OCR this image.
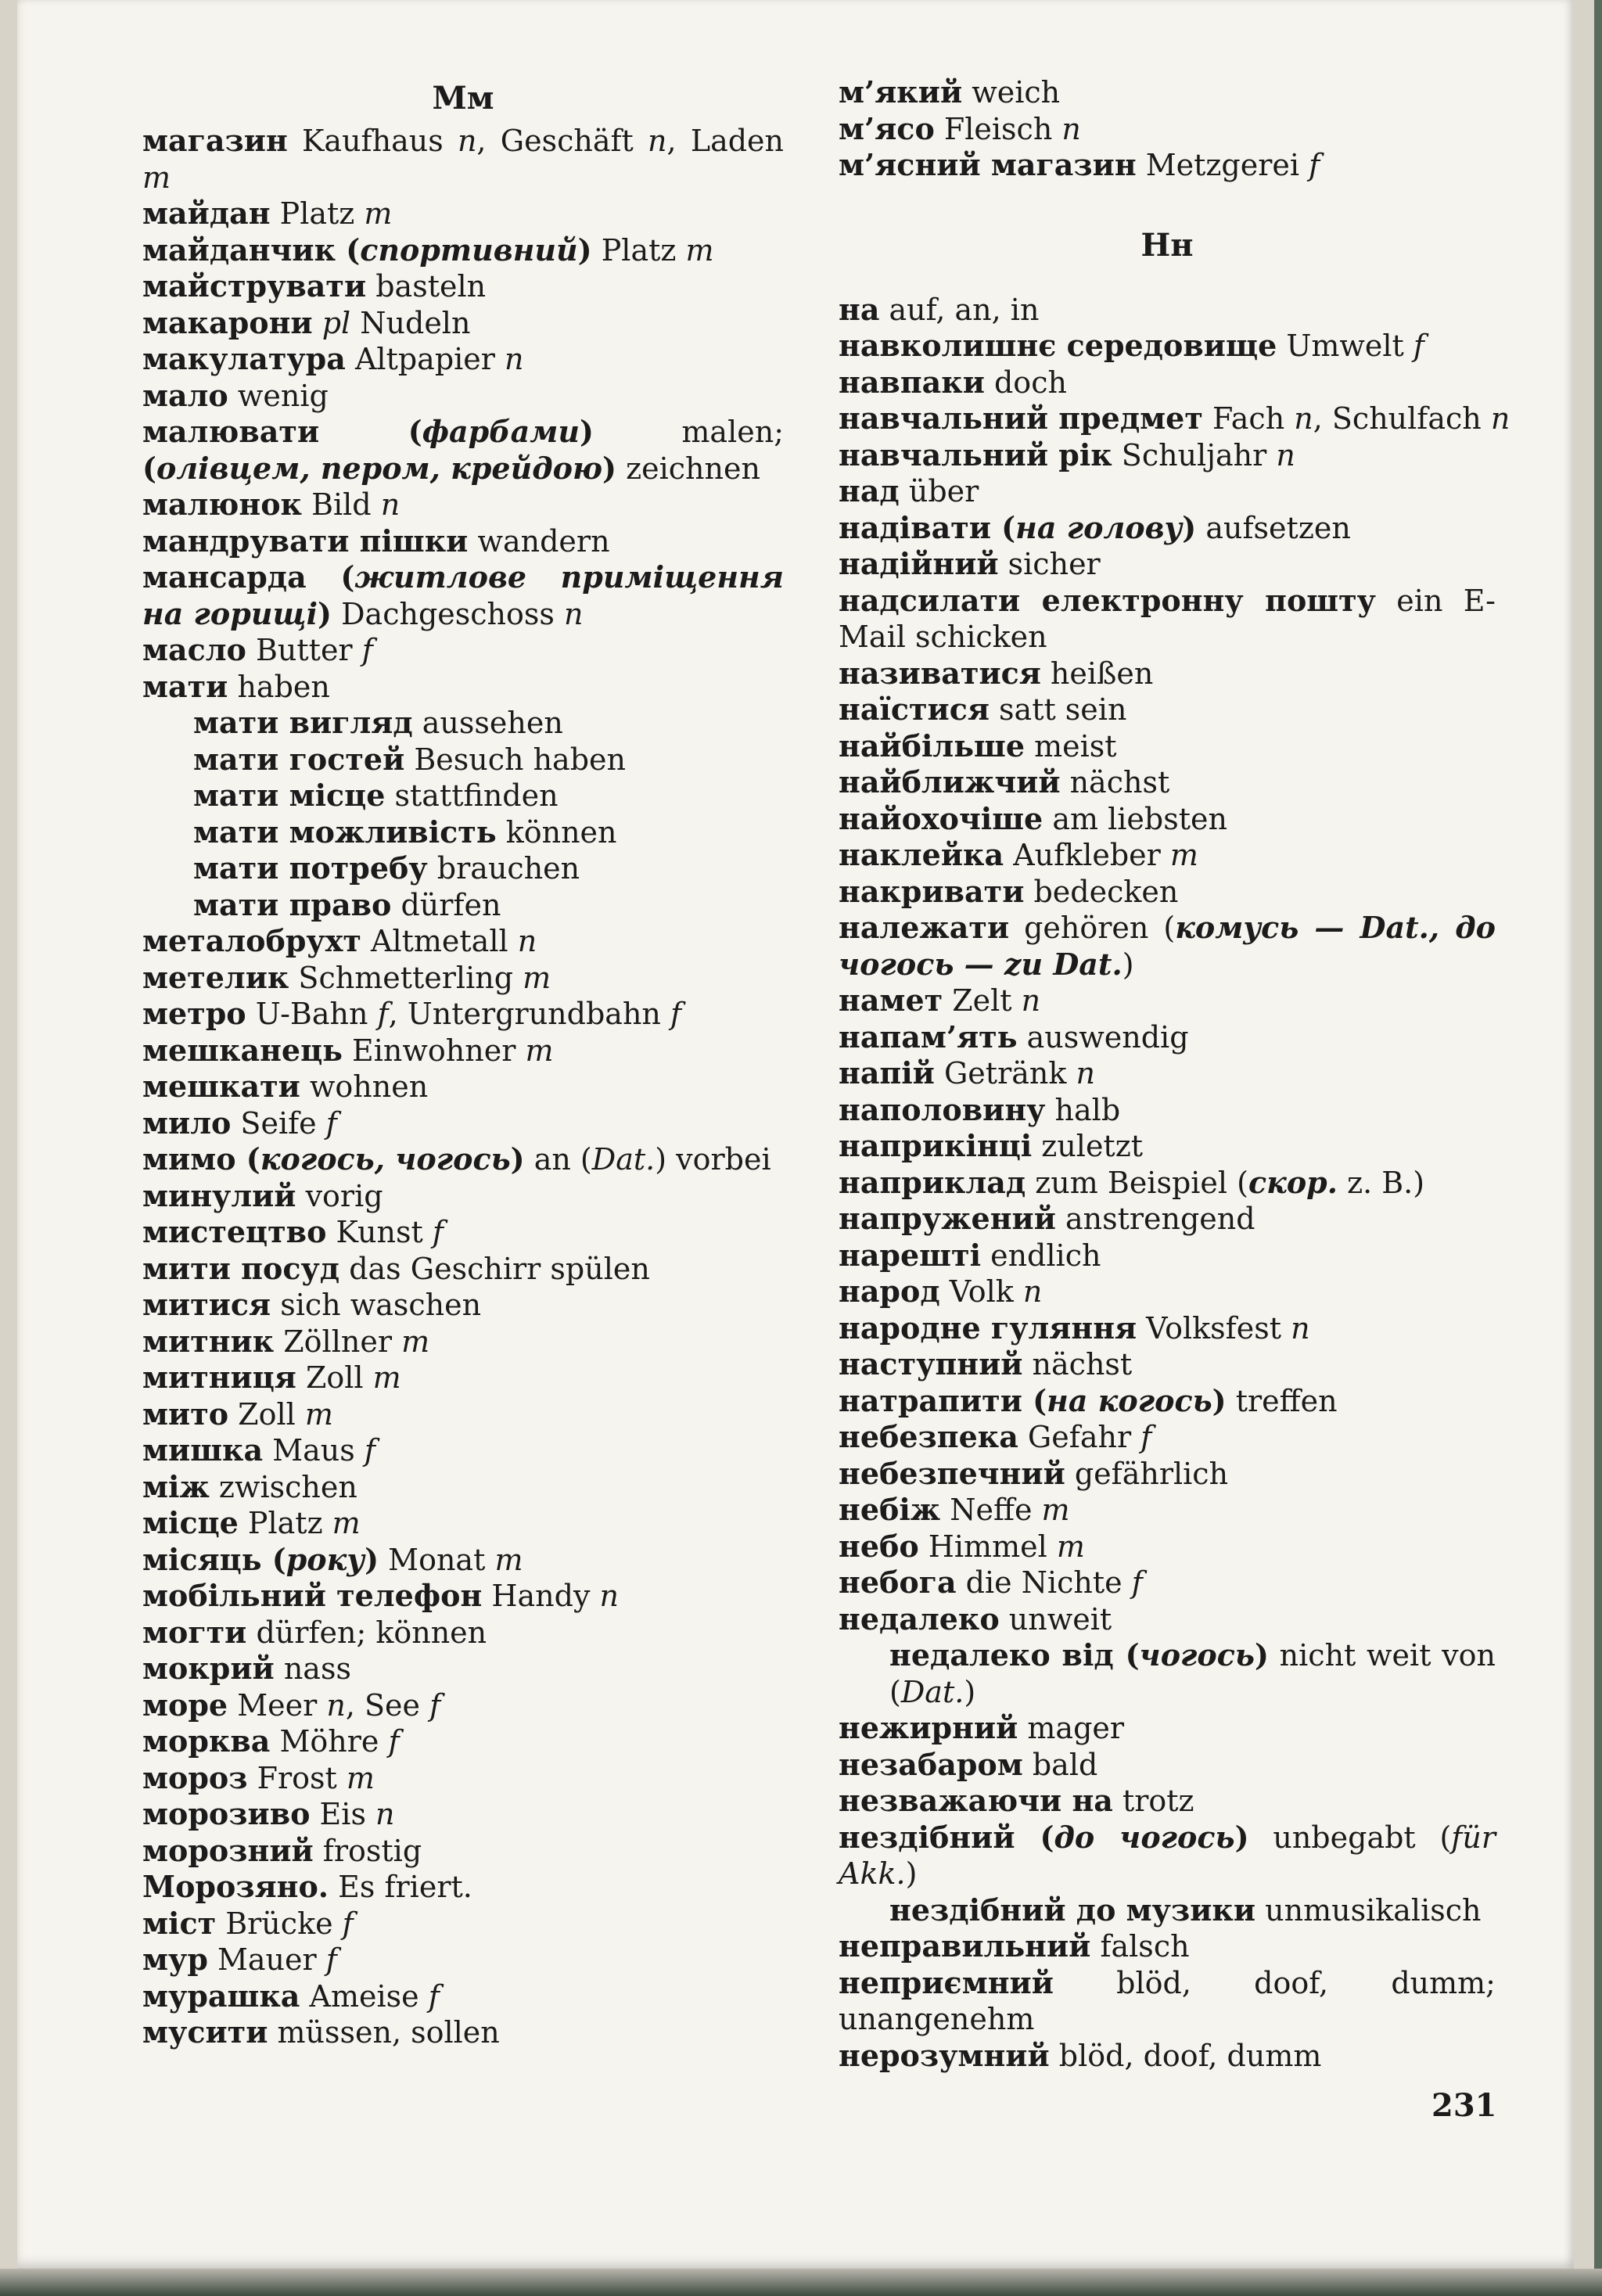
Мм
магазин Kaufhaus n, Geschäft n, Laden m
майдан Platz m
майданчик (спортивний) Platz m
майструвати basteln
макарони pl Nudeln
макулатура Altpapier n
мало wenig
малювати (фарбами) malen; (олівцем, пером, крейдою) zeichnen
малюнок Bild n
мандрувати пішки wandern
мансарда (житлове приміщення на горищі) Dachgeschoss n
масло Butter f
мати haben
мати вигляд aussehen
мати гостей Besuch haben
мати місце stattfinden
мати можливість können
мати потребу brauchen
мати право dürfen
металобрухт Altmetall n
метелик Schmetterling m
метро U-Bahn f, Untergrundbahn f
мешканець Einwohner m
мешкати wohnen
мило Seife f
мимо (когось, чогось) an (Dat.) vorbei
минулий vorig
мистецтво Kunst f
мити посуд das Geschirr spülen
митися sich waschen
митник Zöllner m
митниця Zoll m
мито Zoll m
мишка Maus f
між zwischen
місце Platz m
місяць (року) Monat m
мобільний телефон Handy n
могти dürfen; können
мокрий nass
море Meer n, See f
морква Möhre f
мороз Frost m
морозиво Eis n
морозний frostig
Морозяно. Es friert.
міст Brücke f
мур Mauer f
мурашка Ameise f
мусити müssen, sollen
м’який weich
м’ясо Fleisch n
м’ясний магазин Metzgerei f
Нн
на auf, an, in
навколишнє середовище Umwelt f
навпаки doch
навчальний предмет Fach n, Schulfach n
навчальний рік Schuljahr n
над über
надівати (на голову) aufsetzen
надійний sicher
надсилати електронну пошту ein E-Mail schicken
називатися heißen
наїстися satt sein
найбільше meist
найближчий nächst
найохочіше am liebsten
наклейка Aufkleber m
накривати bedecken
належати gehören (комусь — Dat., до чогось — zu Dat.)
намет Zelt n
напам’ять auswendig
напій Getränk n
наполовину halb
наприкінці zuletzt
наприклад zum Beispiel (скор. z. B.)
напружений anstrengend
нарешті endlich
народ Volk n
народне гуляння Volksfest n
наступний nächst
натрапити (на когось) treffen
небезпека Gefahr f
небезпечний gefährlich
небіж Neffe m
небо Himmel m
небога die Nichte f
недалеко unweit
недалеко від (чогось) nicht weit von (Dat.)
нежирний mager
незабаром bald
незважаючи на trotz
нездібний (до чогось) unbegabt (für Akk.)
нездібний до музики unmusikalisch
неправильний falsch
неприємний blöd, doof, dumm; unangenehm
нерозумний blöd, doof, dumm
231
